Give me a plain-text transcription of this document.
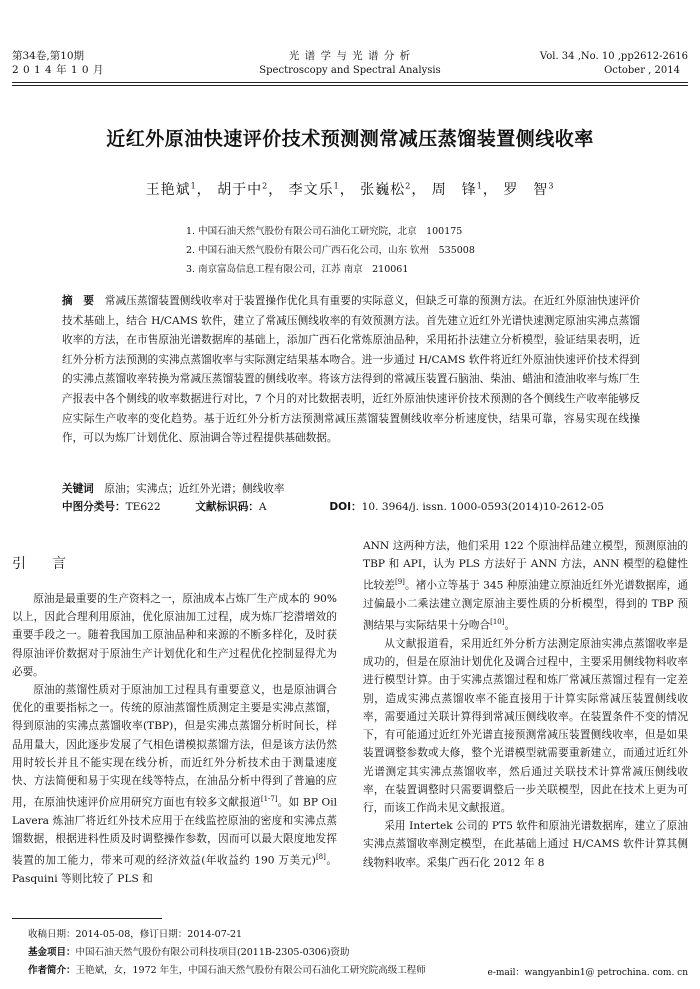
第34卷,第10期
2 0 1 4 年 1 0 月
光 谱 学 与 光 谱 分 析
Spectroscopy and Spectral Analysis
Vol. 34 ,No. 10 ,pp2612-2616
October , 2014
近红外原油快速评价技术预测测常减压蒸馏装置侧线收率
王艳斌$^1$， 胡于中$^2$， 李文乐$^1$， 张巍松$^2$， 周　锋$^1$， 罗　智$^3$
1. 中国石油天然气股份有限公司石油化工研究院，北京　100175
2. 中国石油天然气股份有限公司广西石化公司，山东 钦州　535008
3. 南京富岛信息工程有限公司，江苏 南京　210061
摘　要　 常减压蒸馏装置侧线收率对于装置操作优化具有重要的实际意义，但缺乏可靠的预测方法。在近红外原油快速评价技术基础上，结合 H/CAMS 软件，建立了常减压侧线收率的有效预测方法。首先建立近红外光谱快速测定原油实沸点蒸馏收率的方法，在市售原油光谱数据库的基础上，添加广西石化常炼原油品种，采用拓扑法建立分析模型，验证结果表明，近红外分析方法预测的实沸点蒸馏收率与实际测定结果基本吻合。进一步通过 H/CAMS 软件将近红外原油快速评价技术得到的实沸点蒸馏收率转换为常减压蒸馏装置的侧线收率。将该方法得到的常减压装置石脑油、柴油、蜡油和渣油收率与炼厂生产报表中各个侧线的收率数据进行对比，7 个月的对比数据表明，近红外原油快速评价技术预测的各个侧线生产收率能够反应实际生产收率的变化趋势。基于近红外分析方法预测常减压蒸馏装置侧线收率分析速度快，结果可靠，容易实现在线操作，可以为炼厂计划优化、原油调合等过程提供基础数据。
关键词　 原油；实沸点；近红外光谱；侧线收率
中图分类号：TE622	文献标识码：A	DOI：10. 3964/j. issn. 1000-0593(2014)10-2612-05
引　言

原油是最重要的生产资料之一，原油成本占炼厂生产成本的 90% 以上，因此合理利用原油，优化原油加工过程，成为炼厂挖潜增效的重要手段之一。随着我国加工原油品种和来源的不断多样化，及时获得原油评价数据对于原油生产计划优化和生产过程优化控制显得尤为必要。

原油的蒸馏性质对于原油加工过程具有重要意义，也是原油调合优化的重要指标之一。传统的原油蒸馏性质测定主要是实沸点蒸馏，得到原油的实沸点蒸馏收率(TBP)，但是实沸点蒸馏分析时间长，样品用量大，因此逐步发展了气相色谱模拟蒸馏方法，但是该方法仍然用时较长并且不能实现在线分析，而近红外分析技术由于测量速度快、方法简便和易于实现在线等特点，在油品分析中得到了普遍的应用，在原油快速评价应用研究方面也有较多文献报道[1-7]。如 BP Oil Lavera 炼油厂将近红外技术应用于在线监控原油的密度和实沸点蒸馏数据，根据进料性质及时调整操作参数，因而可以最大限度地发挥装置的加工能力，带来可观的经济效益(年收益约 190 万美元)[8]。Pasquini 等则比较了 PLS 和

ANN 这两种方法，他们采用 122 个原油样品建立模型，预测原油的 TBP 和 API，认为 PLS 方法好于 ANN 方法，ANN 模型的稳健性比较差[9]。褚小立等基于 345 种原油建立原油近红外光谱数据库，通过偏最小二乘法建立测定原油主要性质的分析模型，得到的 TBP 预测结果与实际结果十分吻合[10]。

从文献报道看，采用近红外分析方法测定原油实沸点蒸馏收率是成功的，但是在原油计划优化及调合过程中，主要采用侧线物料收率进行模型计算。由于实沸点蒸馏过程和炼厂常减压蒸馏过程有一定差别，造成实沸点蒸馏收率不能直接用于计算实际常减压装置侧线收率，需要通过关联计算得到常减压侧线收率。在装置条件不变的情况下，有可能通过近红外光谱直接预测常减压装置侧线收率，但是如果装置调整参数或大修，整个光谱模型就需要重新建立，而通过近红外光谱测定其实沸点蒸馏收率，然后通过关联技术计算常减压侧线收率，在装置调整时只需要调整后一步关联模型，因此在技术上更为可行，而该工作尚未见文献报道。

采用 Intertek 公司的 PT5 软件和原油光谱数据库，建立了原油实沸点蒸馏收率测定模型，在此基础上通过 H/CAMS 软件计算其侧线物料收率。采集广西石化 2012 年 8

收稿日期：2014-05-08，修订日期：2014-07-21
基金项目：中国石油天然气股份有限公司科技项目(2011B-2305-0306)资助
作者简介：王艳斌，女，1972 年生，中国石油天然气股份有限公司石油化工研究院高级工程师	e-mail：wangyanbin1@ petrochina. com. cn
